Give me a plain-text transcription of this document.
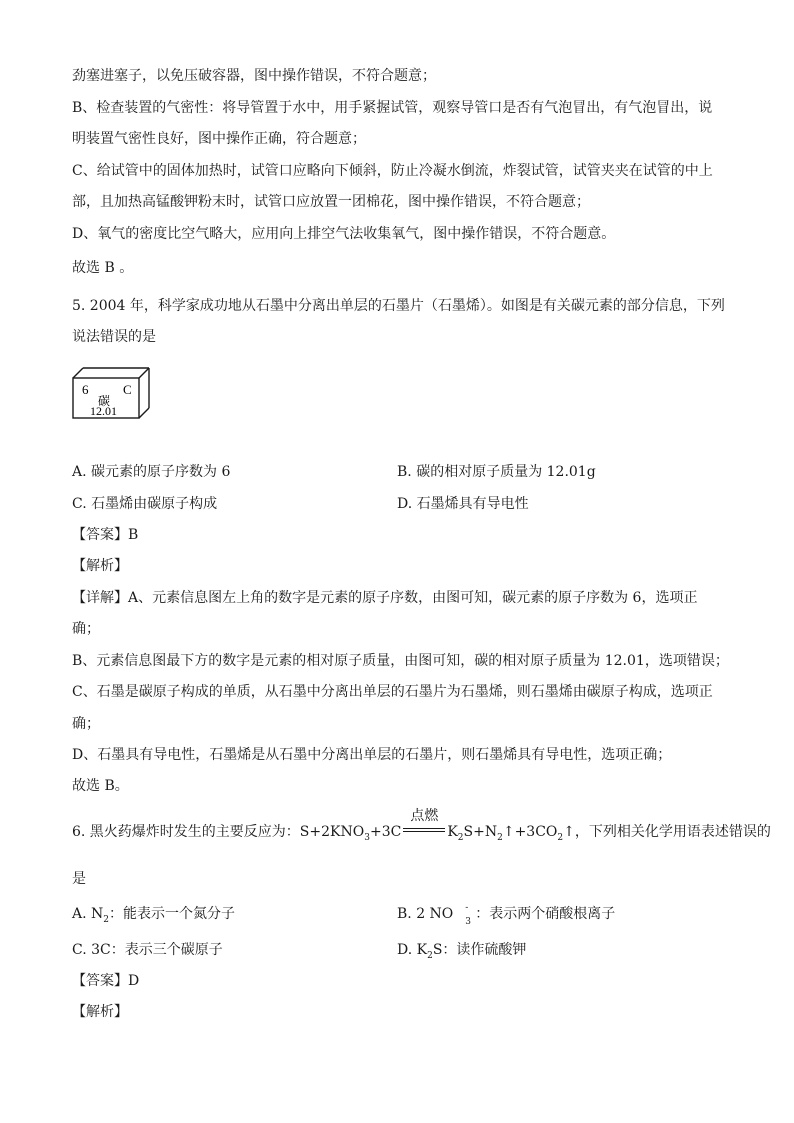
劲塞进塞子，以免压破容器，图中操作错误，不符合题意；
B、检查装置的气密性：将导管置于水中，用手紧握试管，观察导管口是否有气泡冒出，有气泡冒出，说
明装置气密性良好，图中操作正确，符合题意；
C、给试管中的固体加热时，试管口应略向下倾斜，防止冷凝水倒流，炸裂试管，试管夹夹在试管的中上
部，且加热高锰酸钾粉末时，试管口应放置一团棉花，图中操作错误，不符合题意；
D、氧气的密度比空气略大，应用向上排空气法收集氧气，图中操作错误，不符合题意。
故选 B 。
5. 2004 年，科学家成功地从石墨中分离出单层的石墨片（石墨烯）。如图是有关碳元素的部分信息，下列
说法错误的是
6	C
碳
12.01
A. 碳元素的原子序数为 6	B. 碳的相对原子质量为 12.01g
C. 石墨烯由碳原子构成	D. 石墨烯具有导电性
【答案】B
【解析】
【详解】A、元素信息图左上角的数字是元素的原子序数，由图可知，碳元素的原子序数为 6，选项正
确；
B、元素信息图最下方的数字是元素的相对原子质量，由图可知，碳的相对原子质量为 12.01，选项错误；
C、石墨是碳原子构成的单质，从石墨中分离出单层的石墨片为石墨烯，则石墨烯由碳原子构成，选项正
确；
D、石墨具有导电性，石墨烯是从石墨中分离出单层的石墨片，则石墨烯具有导电性，选项正确；
故选 B。
6. 黑火药爆炸时发生的主要反应为：$S+2KNO_3+3C$
点燃
$K_2S+N_2↑+3CO_2↑$，下列相关化学用语表述错误的
是
A. $N_2$：能表示一个氮分子	B. 2 NO -
3 ：表示两个硝酸根离子
C. 3C：表示三个碳原子	D. $K_2S$：读作硫酸钾
【答案】D
【解析】
